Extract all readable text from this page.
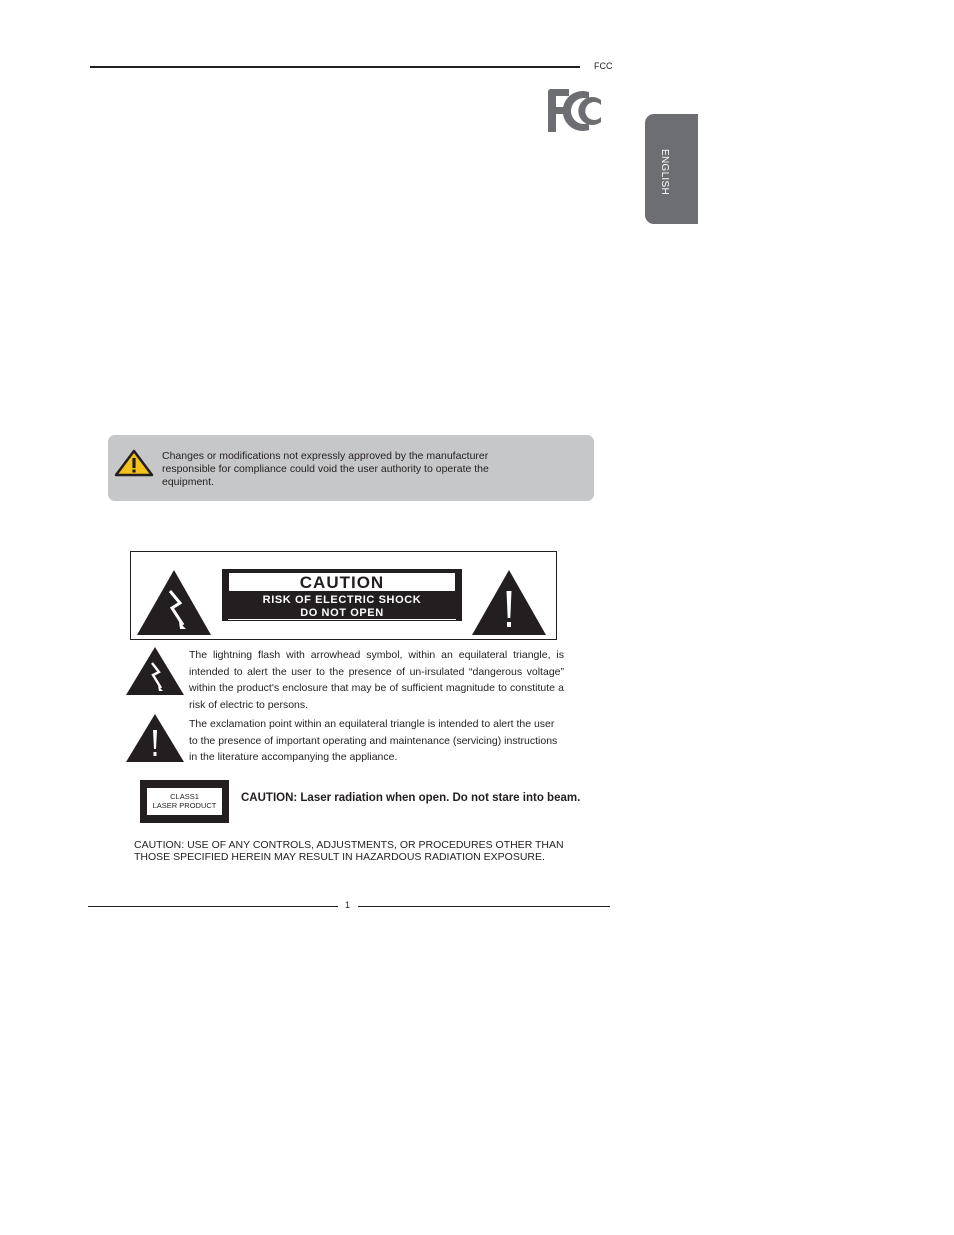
FCC
ENGLISH
Changes or modifications not expressly approved by the manufacturer responsible for compliance could void the user authority to operate the equipment.
CAUTION
RISK OF ELECTRIC SHOCK
DO NOT OPEN
The lightning flash with arrowhead symbol, within an equilateral triangle, is intended to alert the user to the presence of un-irsulated “dangerous voltage” within the product's enclosure that may be of sufficient magnitude to constitute a risk of electric to persons.
The exclamation point within an equilateral triangle is intended to alert the user to the presence of important operating and maintenance (servicing) instructions in the literature accompanying the appliance.
CLASS1
LASER PRODUCT
CAUTION: Laser radiation when open. Do not stare into beam.
CAUTION: USE OF ANY CONTROLS, ADJUSTMENTS, OR PROCEDURES OTHER THAN
THOSE SPECIFIED HEREIN MAY RESULT IN HAZARDOUS RADIATION EXPOSURE.
1
